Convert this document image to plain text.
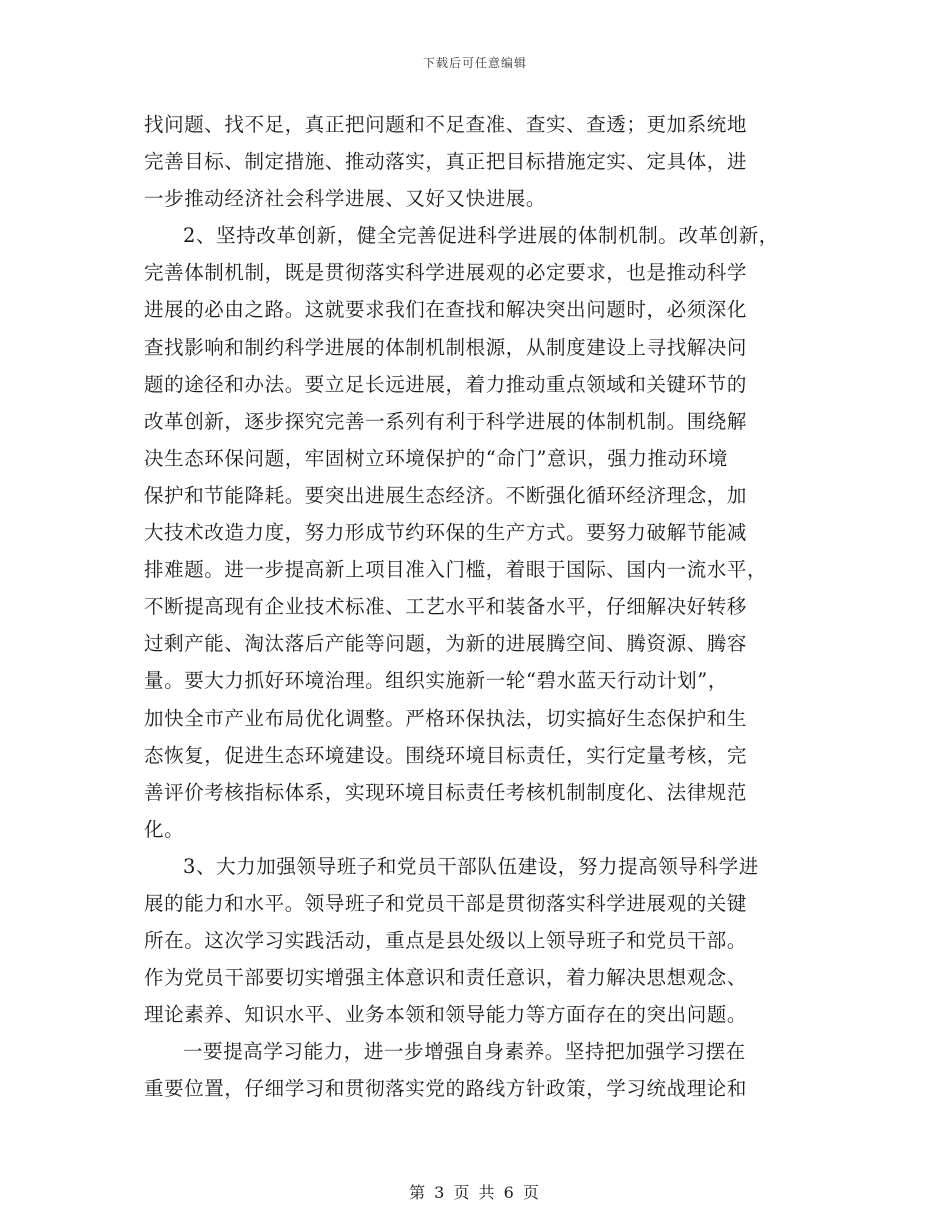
下载后可任意编辑
找问题、找不足，真正把问题和不足查准、查实、查透；更加系统地
完善目标、制定措施、推动落实，真正把目标措施定实、定具体，进
一步推动经济社会科学进展、又好又快进展。
2、坚持改革创新，健全完善促进科学进展的体制机制。改革创新，
完善体制机制，既是贯彻落实科学进展观的必定要求，也是推动科学
进展的必由之路。这就要求我们在查找和解决突出问题时，必须深化
查找影响和制约科学进展的体制机制根源，从制度建设上寻找解决问
题的途径和办法。要立足长远进展，着力推动重点领域和关键环节的
改革创新，逐步探究完善一系列有利于科学进展的体制机制。围绕解
决生态环保问题，牢固树立环境保护的“命门”意识，强力推动环境
保护和节能降耗。要突出进展生态经济。不断强化循环经济理念，加
大技术改造力度，努力形成节约环保的生产方式。要努力破解节能减
排难题。进一步提高新上项目准入门槛，着眼于国际、国内一流水平，
不断提高现有企业技术标准、工艺水平和装备水平，仔细解决好转移
过剩产能、淘汰落后产能等问题，为新的进展腾空间、腾资源、腾容
量。要大力抓好环境治理。组织实施新一轮“碧水蓝天行动计划”，
加快全市产业布局优化调整。严格环保执法，切实搞好生态保护和生
态恢复，促进生态环境建设。围绕环境目标责任，实行定量考核，完
善评价考核指标体系，实现环境目标责任考核机制制度化、法律规范
化。
3、大力加强领导班子和党员干部队伍建设，努力提高领导科学进
展的能力和水平。领导班子和党员干部是贯彻落实科学进展观的关键
所在。这次学习实践活动，重点是县处级以上领导班子和党员干部。
作为党员干部要切实增强主体意识和责任意识，着力解决思想观念、
理论素养、知识水平、业务本领和领导能力等方面存在的突出问题。
一要提高学习能力，进一步增强自身素养。坚持把加强学习摆在
重要位置，仔细学习和贯彻落实党的路线方针政策，学习统战理论和
第 3 页 共 6 页
